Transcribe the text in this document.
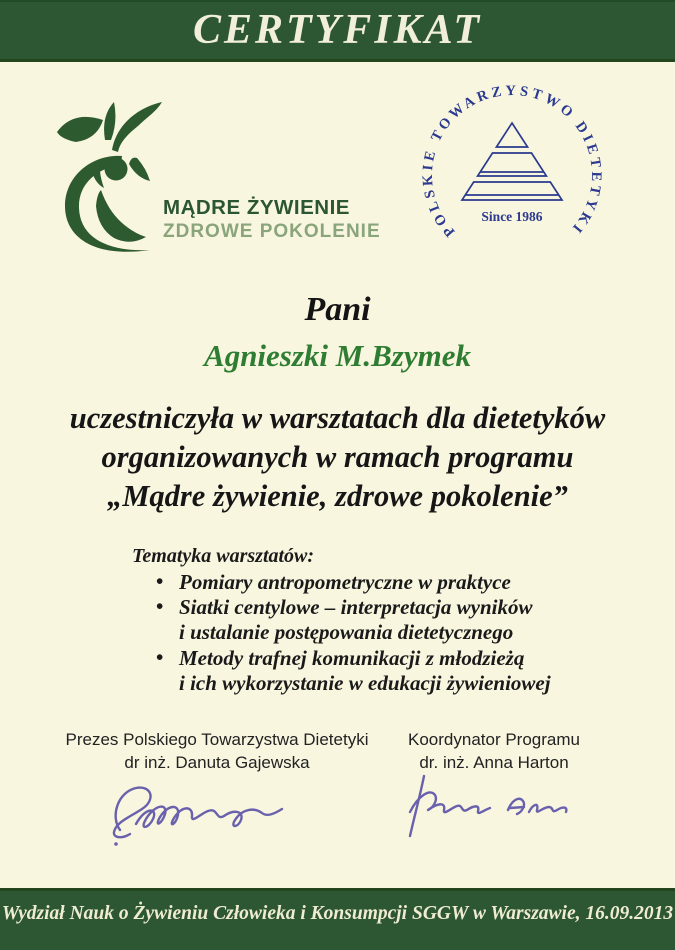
CERTYFIKAT
MĄDRE ŻYWIENIE
ZDROWE POKOLENIE	POLSKIE TOWARZYSTWO DIETETYKI
Since 1986
Pani
Agnieszki M.Bzymek
uczestniczyła w warsztatach dla dietetyków
organizowanych w ramach programu
„Mądre żywienie, zdrowe pokolenie”
Tematyka warsztatów:
• Pomiary antropometryczne w praktyce
• Siatki centylowe – interpretacja wyników
i ustalanie postępowania dietetycznego
• Metody trafnej komunikacji z młodzieżą
i ich wykorzystanie w edukacji żywieniowej
Prezes Polskiego Towarzystwa Dietetyki
dr inż. Danuta Gajewska
Koordynator Programu
dr. inż. Anna Harton
Wydział Nauk o Żywieniu Człowieka i Konsumpcji SGGW w Warszawie, 16.09.2013
